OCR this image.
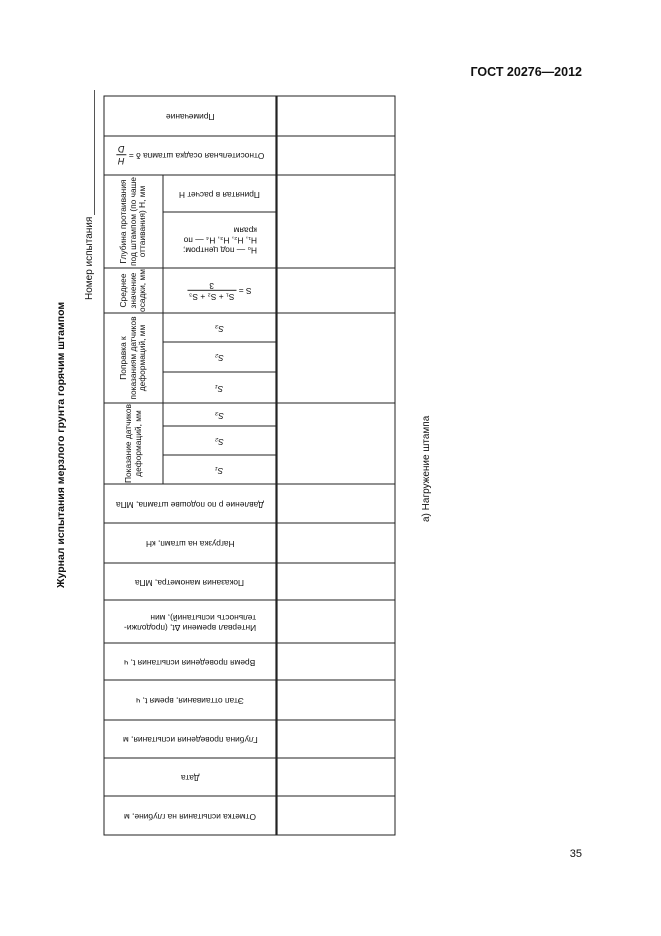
ГОСТ 20276—2012
Журнал испытания мерзлого грунта горячим штампом
Номер испытания
а) Нагружение штампа
Примечание
Относительная осадка штампа δ =
H
D
Глубина протаивания под штампом (по чаше оттаивания) H, мм	Принятая в расчет H
H₀ — под центром;
H₁, H₂, H₃, H₄ — по
краям
Среднее значение осадки, мм	S =
S₁ + S₂ + S₃
3
Поправка к показаниям датчиков деформаций, мм	S₃
S₂
S₁
Показание датчиков деформаций, мм	S₃
S₂
S₁
Давление p по подошве штампа, МПа
Нагрузка на штамп, кН
Показания манометра, МПа
Интервал времени Δt, (продолжи-
тельность испытаний), мин
Время проведения испытания t, ч
Этап оттаивания, время t, ч
Глубина проведения испытания, м
Дата
Отметка испытания на глубине, м
35
